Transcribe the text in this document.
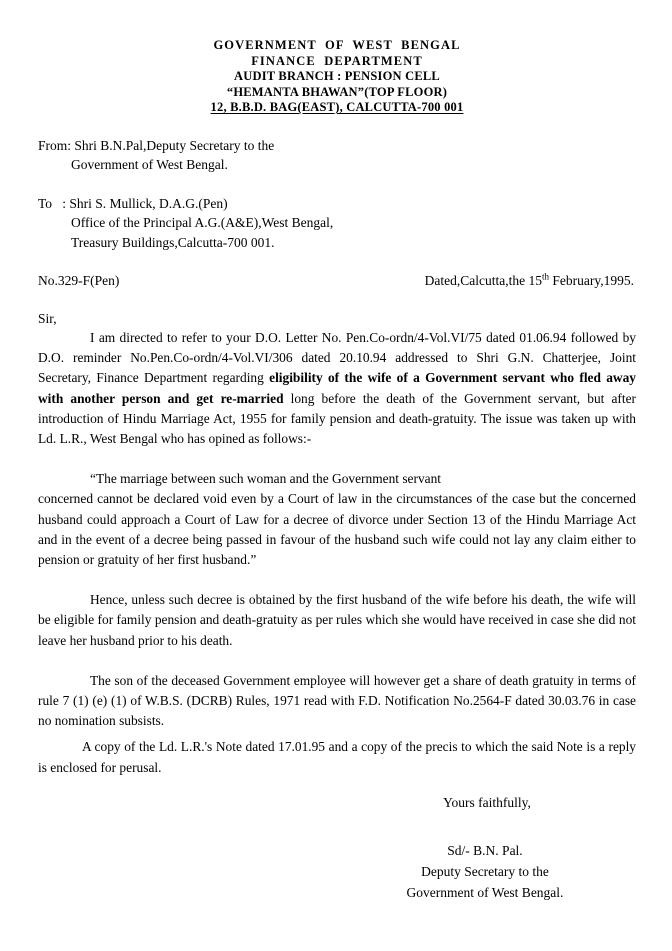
GOVERNMENT  OF  WEST  BENGAL
FINANCE  DEPARTMENT
AUDIT BRANCH : PENSION CELL
“HEMANTA BHAWAN”(TOP FLOOR)
12, B.B.D. BAG(EAST), CALCUTTA-700 001
From: Shri B.N.Pal,Deputy Secretary to the
Government of West Bengal.
To : Shri S. Mullick, D.A.G.(Pen)
Office of the Principal A.G.(A&E),West Bengal,
Treasury Buildings,Calcutta-700 001.
No.329-F(Pen)	Dated,Calcutta,the 15th February,1995.
Sir,

I am directed to refer to your D.O. Letter No. Pen.Co-ordn/4-Vol.VI/75 dated 01.06.94 followed by D.O. reminder No.Pen.Co-ordn/4-Vol.VI/306 dated 20.10.94 addressed to Shri G.N. Chatterjee, Joint Secretary, Finance Department regarding eligibility of the wife of a Government servant who fled away with another person and get re-married long before the death of the Government servant, but after introduction of Hindu Marriage Act, 1955 for family pension and death-gratuity. The issue was taken up with Ld. L.R., West Bengal who has opined as follows:-

“The marriage between such woman and the Government servant

concerned cannot be declared void even by a Court of law in the circumstances of the case but the concerned husband could approach a Court of Law for a decree of divorce under Section 13 of the Hindu Marriage Act and in the event of a decree being passed in favour of the husband such wife could not lay any claim either to pension or gratuity of her first husband.”

Hence, unless such decree is obtained by the first husband of the wife before his death, the wife will be eligible for family pension and death-gratuity as per rules which she would have received in case she did not leave her husband prior to his death.

The son of the deceased Government employee will however get a share of death gratuity in terms of rule 7 (1) (e) (1) of W.B.S. (DCRB) Rules, 1971 read with F.D. Notification No.2564-F dated 30.03.76 in case no nomination subsists.

A copy of the Ld. L.R.'s Note dated 17.01.95 and a copy of the precis to which the said Note is a reply is enclosed for perusal.

Yours faithfully,
Sd/- B.N. Pal.
Deputy Secretary to the
Government of West Bengal.
